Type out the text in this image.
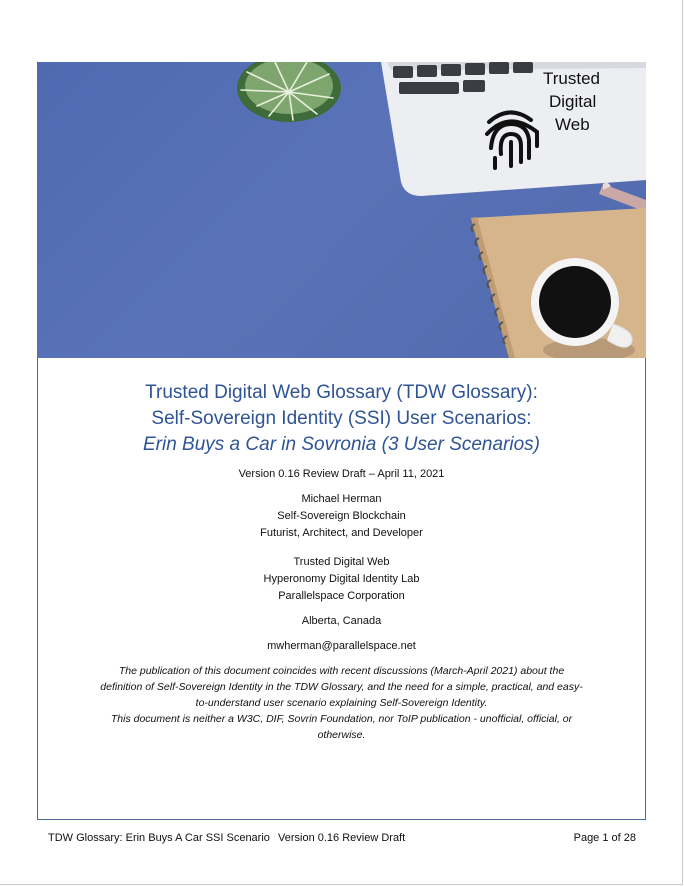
Trusted
Digital
Web

Trusted Digital Web Glossary (TDW Glossary):

Self-Sovereign Identity (SSI) User Scenarios:

Erin Buys a Car in Sovronia (3 User Scenarios)

Version 0.16 Review Draft – April 11, 2021

Michael Herman

Self-Sovereign Blockchain

Futurist, Architect, and Developer

Trusted Digital Web

Hyperonomy Digital Identity Lab

Parallelspace Corporation

Alberta, Canada

mwherman@parallelspace.net

The publication of this document coincides with recent discussions (March-April 2021) about the
definition of Self-Sovereign Identity in the TDW Glossary, and the need for a simple, practical, and easy-
to-understand user scenario explaining Self-Sovereign Identity.
This document is neither a W3C, DIF, Sovrin Foundation, nor ToIP publication - unofficial, official, or
otherwise.
TDW Glossary: Erin Buys A Car SSI Scenario Version 0.16 Review Draft	Page 1 of 28
